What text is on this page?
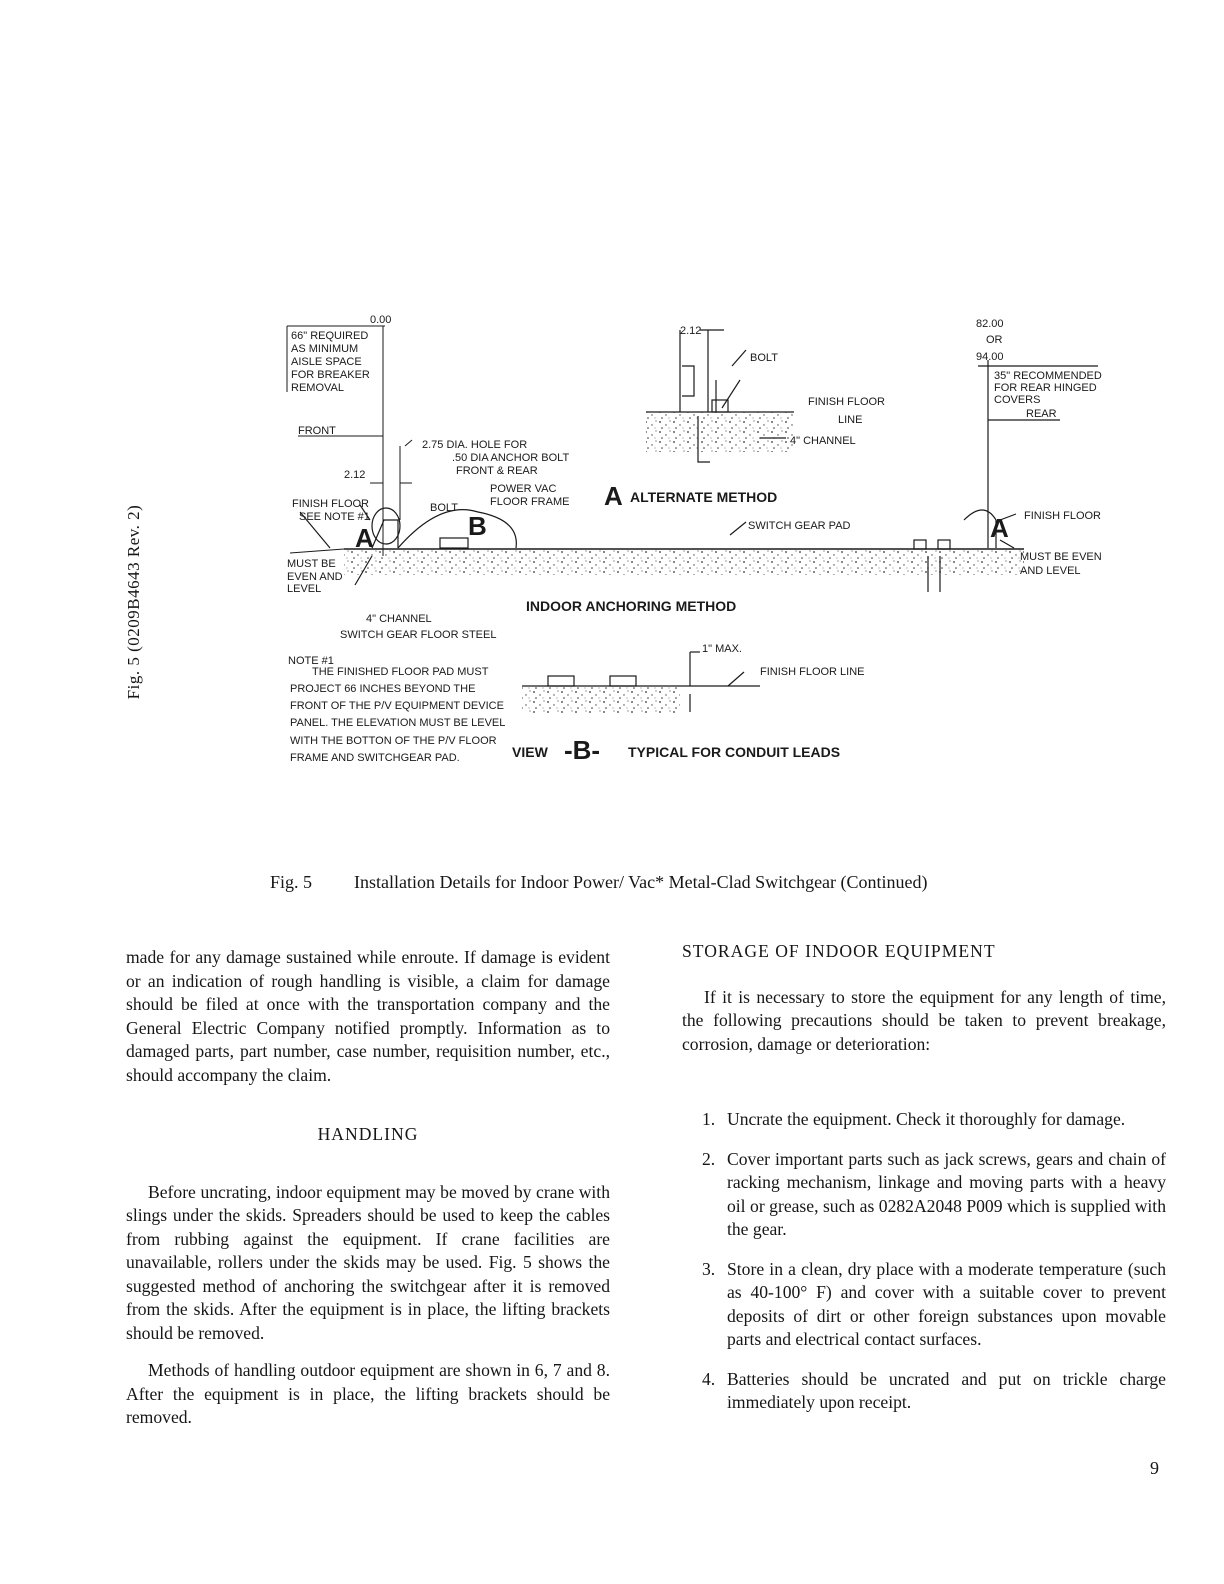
Fig. 5 (0209B4643 Rev. 2)
0.00
66" REQUIRED
AS MINIMUM
AISLE SPACE
FOR BREAKER
REMOVAL
FRONT
2.12
2.75 DIA. HOLE FOR
.50 DIA ANCHOR BOLT
FRONT & REAR
POWER VAC
FLOOR FRAME
BOLT
FINISH FLOOR
SEE NOTE #1
MUST BE
EVEN AND
LEVEL
4" CHANNEL
SWITCH GEAR FLOOR STEEL
A	B
2.12
BOLT
FINISH FLOOR
LINE
4" CHANNEL
A ALTERNATE METHOD
SWITCH GEAR PAD
INDOOR ANCHORING METHOD
82.00
OR
94.00
35" RECOMMENDED
FOR REAR HINGED
COVERS
REAR
FINISH FLOOR
MUST BE EVEN
AND LEVEL
A
NOTE #1
THE FINISHED FLOOR PAD MUST
PROJECT 66 INCHES BEYOND THE
FRONT OF THE P/V EQUIPMENT DEVICE
PANEL. THE ELEVATION MUST BE LEVEL
WITH THE BOTTON OF THE P/V FLOOR
FRAME AND SWITCHGEAR PAD.
1" MAX.
FINISH FLOOR LINE
VIEW -B- TYPICAL FOR CONDUIT LEADS
Fig. 5 Installation Details for Indoor Power/ Vac* Metal-Clad Switchgear (Continued)

made for any damage sustained while enroute. If damage is evident or an indication of rough handling is visible, a claim for damage should be filed at once with the transportation company and the General Electric Company notified promptly. Information as to damaged parts, part number, case number, requisition number, etc., should accompany the claim.

HANDLING

Before uncrating, indoor equipment may be moved by crane with slings under the skids. Spreaders should be used to keep the cables from rubbing against the equipment. If crane facilities are unavailable, rollers under the skids may be used. Fig. 5 shows the suggested method of anchoring the switchgear after it is removed from the skids. After the equipment is in place, the lifting brackets should be removed.

Methods of handling outdoor equipment are shown in 6, 7 and 8. After the equipment is in place, the lifting brackets should be removed.

STORAGE OF INDOOR EQUIPMENT

If it is necessary to store the equipment for any length of time, the following precautions should be taken to prevent breakage, corrosion, damage or deterioration:

1. Uncrate the equipment. Check it thoroughly for damage.
2. Cover important parts such as jack screws, gears and chain of racking mechanism, linkage and moving parts with a heavy oil or grease, such as 0282A2048 P009 which is supplied with the gear.
3. Store in a clean, dry place with a moderate temperature (such as 40-100° F) and cover with a suitable cover to prevent deposits of dirt or other foreign substances upon movable parts and electrical contact surfaces.
4. Batteries should be uncrated and put on trickle charge immediately upon receipt.
9
